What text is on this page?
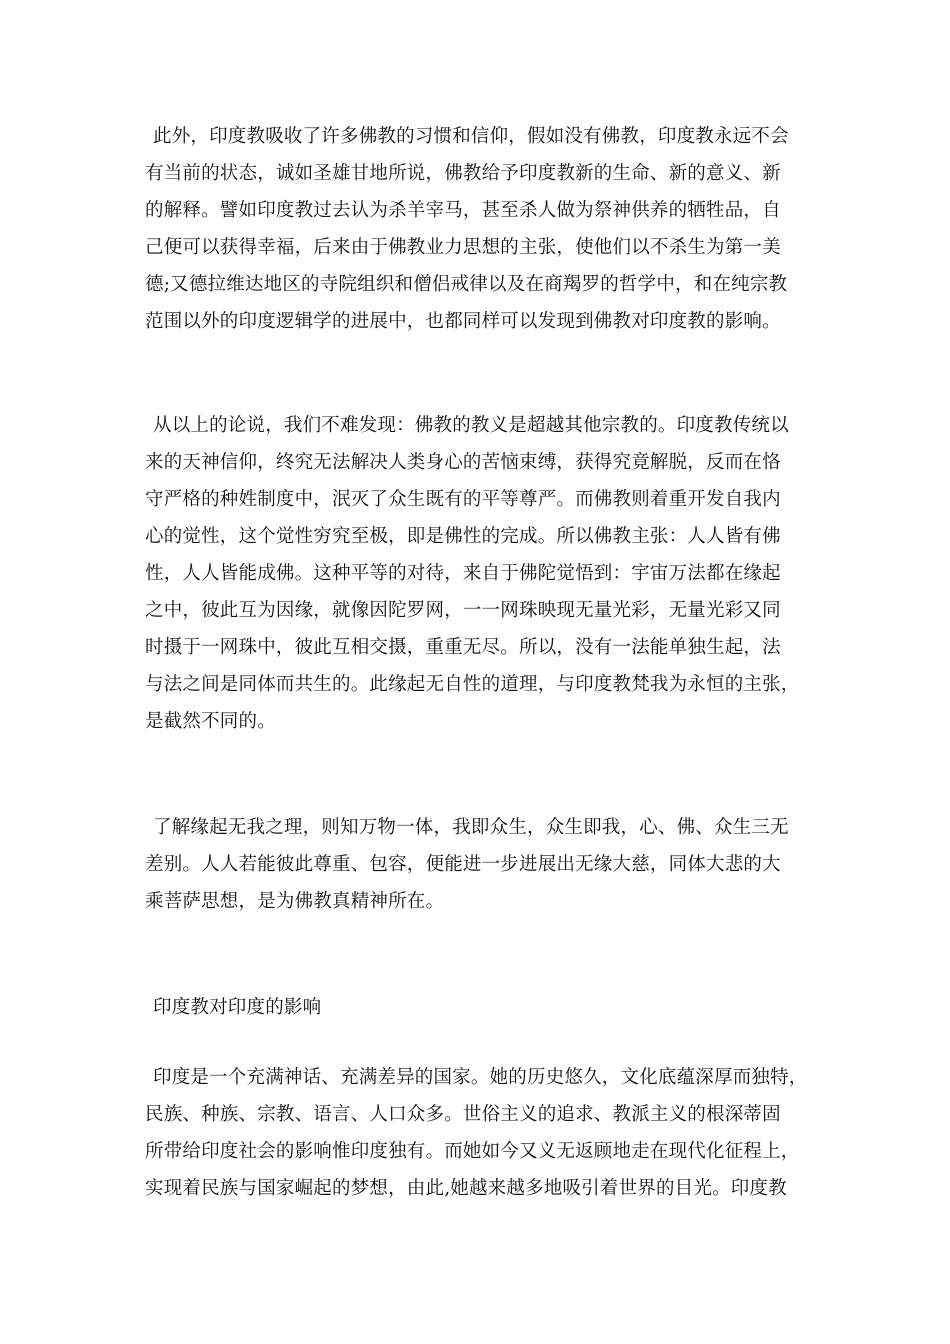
此外，印度教吸收了许多佛教的习惯和信仰，假如没有佛教，印度教永远不会
有当前的状态，诚如圣雄甘地所说，佛教给予印度教新的生命、新的意义、新
的解释。譬如印度教过去认为杀羊宰马，甚至杀人做为祭神供养的牺牲品，自
己便可以获得幸福，后来由于佛教业力思想的主张，使他们以不杀生为第一美
德;又德拉维达地区的寺院组织和僧侣戒律以及在商羯罗的哲学中，和在纯宗教
范围以外的印度逻辑学的进展中，也都同样可以发现到佛教对印度教的影响。
从以上的论说，我们不难发现：佛教的教义是超越其他宗教的。印度教传统以
来的天神信仰，终究无法解决人类身心的苦恼束缚，获得究竟解脱，反而在恪
守严格的种姓制度中，泯灭了众生既有的平等尊严。而佛教则着重开发自我内
心的觉性，这个觉性穷究至极，即是佛性的完成。所以佛教主张：人人皆有佛
性，人人皆能成佛。这种平等的对待，来自于佛陀觉悟到：宇宙万法都在缘起
之中，彼此互为因缘，就像因陀罗网，一一网珠映现无量光彩，无量光彩又同
时摄于一网珠中，彼此互相交摄，重重无尽。所以，没有一法能单独生起，法
与法之间是同体而共生的。此缘起无自性的道理，与印度教梵我为永恒的主张，
是截然不同的。
了解缘起无我之理，则知万物一体，我即众生，众生即我，心、佛、众生三无
差别。人人若能彼此尊重、包容，便能进一步进展出无缘大慈，同体大悲的大
乘菩萨思想，是为佛教真精神所在。
印度教对印度的影响
印度是一个充满神话、充满差异的国家。她的历史悠久，文化底蕴深厚而独特，
民族、种族、宗教、语言、人口众多。世俗主义的追求、教派主义的根深蒂固
所带给印度社会的影响惟印度独有。而她如今又义无返顾地走在现代化征程上，
实现着民族与国家崛起的梦想，由此,她越来越多地吸引着世界的目光。印度教
